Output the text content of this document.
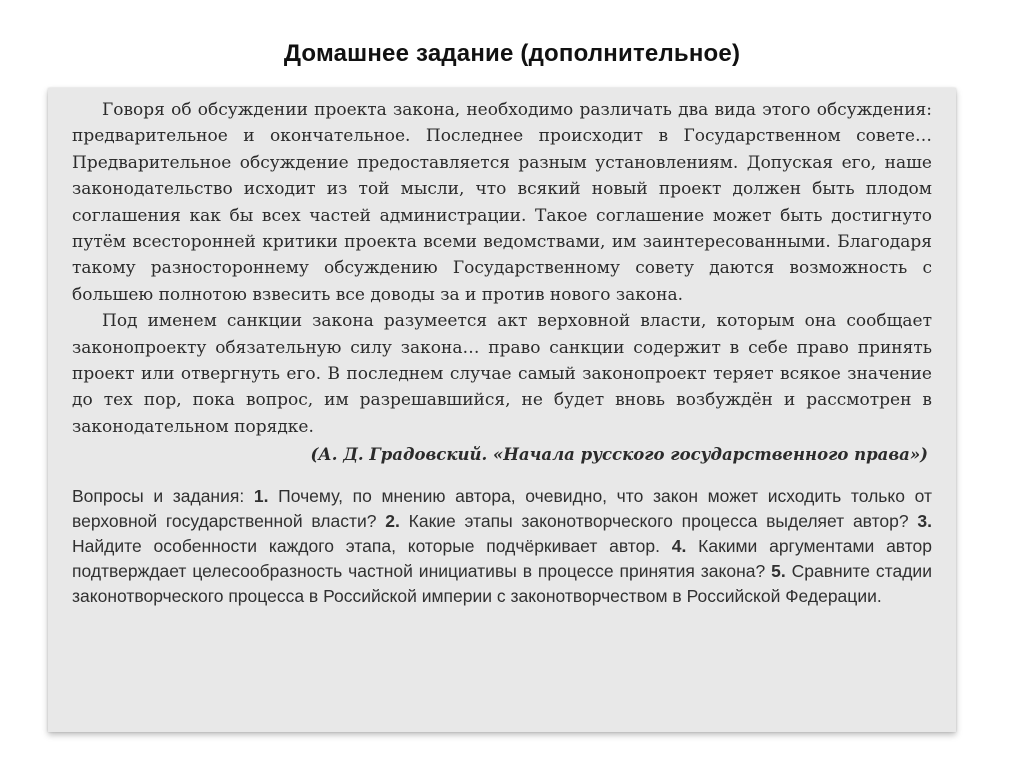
Домашнее задание (дополнительное)

Говоря об обсуждении проекта закона, необходимо различать два вида этого обсуждения: предварительное и окончательное. Последнее происходит в Государственном совете… Предварительное обсуждение предоставляется разным установлениям. Допуская его, наше законодательство исходит из той мысли, что всякий новый проект должен быть плодом соглашения как бы всех частей администрации. Такое соглашение может быть достигнуто путём всесторонней критики проекта всеми ведомствами, им заинтересованными. Благодаря такому разностороннему обсуждению Государственному совету даются возможность с большею полнотою взвесить все доводы за и против нового закона.

Под именем санкции закона разумеется акт верховной власти, которым она сообщает законопроекту обязательную силу закона… право санкции содержит в себе право принять проект или отвергнуть его. В последнем случае самый законопроект теряет всякое значение до тех пор, пока вопрос, им разрешавшийся, не будет вновь возбуждён и рассмотрен в законодательном порядке.

(А. Д. Градовский. «Начала русского государственного права»)

Вопросы и задания: 1. Почему, по мнению автора, очевидно, что закон может исходить только от верховной государственной власти? 2. Какие этапы законотворческого процесса выделяет автор? 3. Найдите особенности каждого этапа, которые подчёркивает автор. 4. Какими аргументами автор подтверждает целесообразность частной инициативы в процессе принятия закона? 5. Сравните стадии законотворческого процесса в Российской империи с законотворчеством в Российской Федерации.
